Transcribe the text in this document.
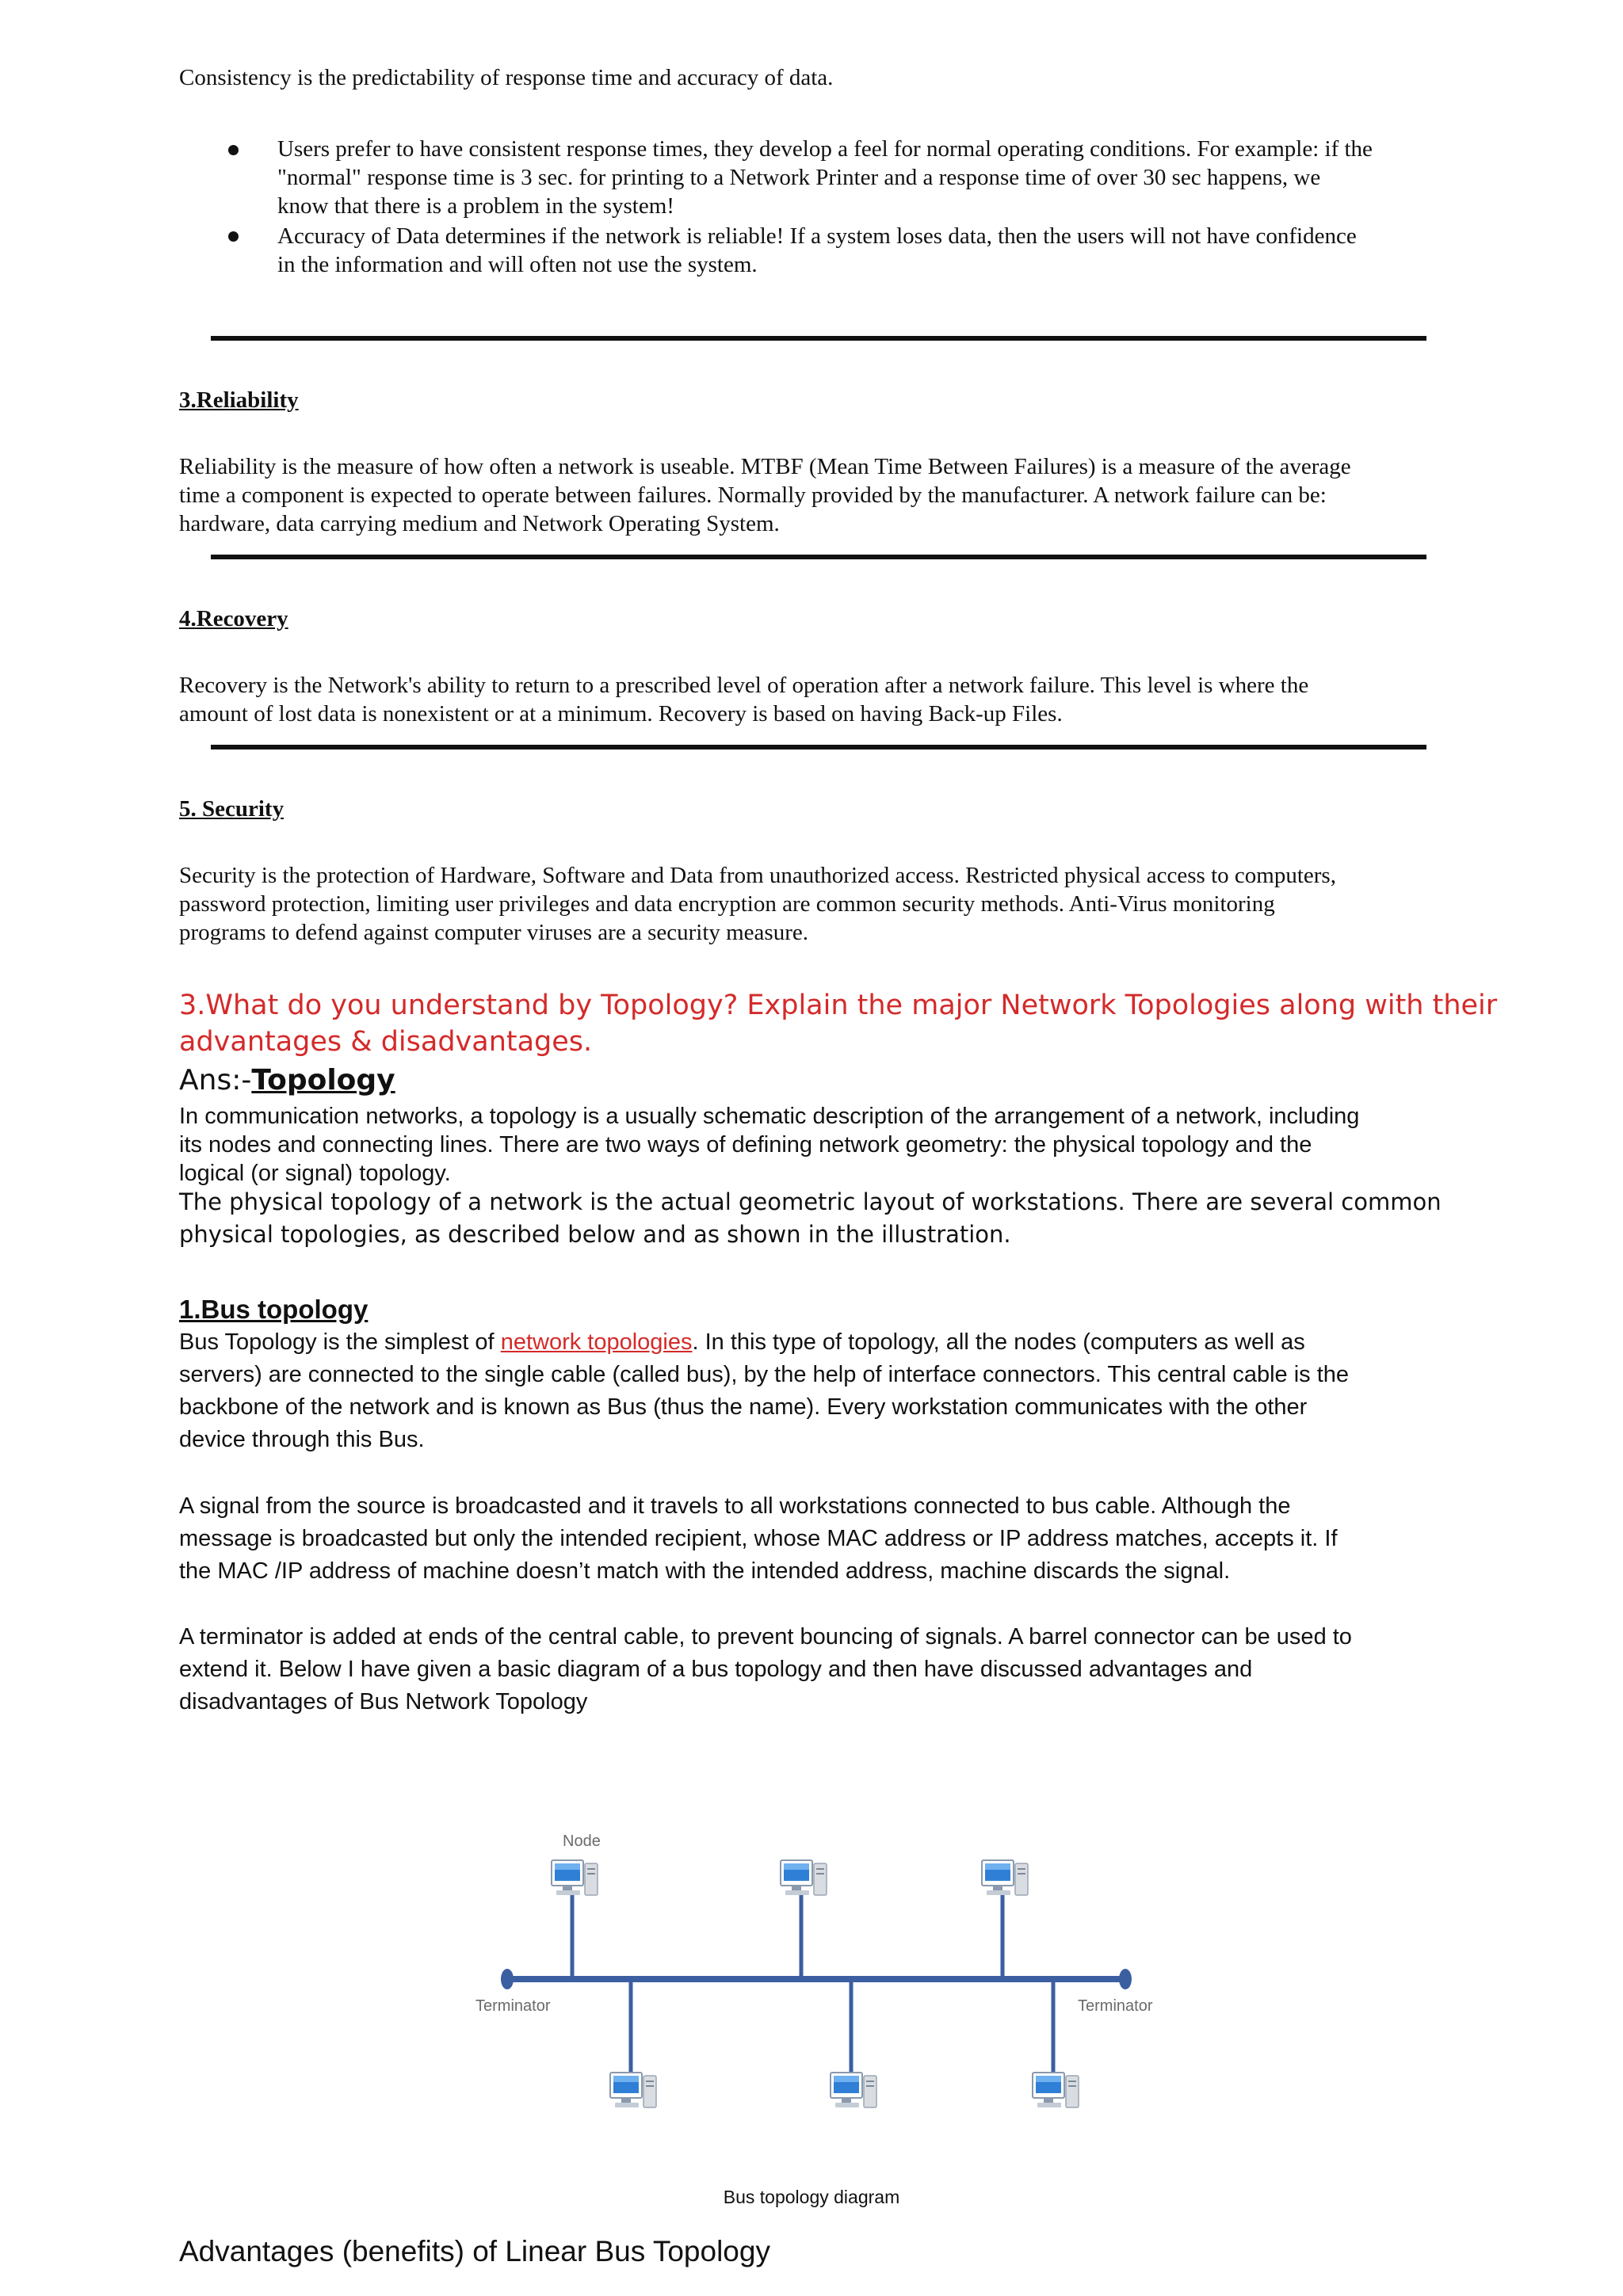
Consistency is the predictability of response time and accuracy of data.
Users prefer to have consistent response times, they develop a feel for normal operating conditions. For example: if the
"normal" response time is 3 sec. for printing to a Network Printer and a response time of over 30 sec happens, we
know that there is a problem in the system!
Accuracy of Data determines if the network is reliable! If a system loses data, then the users will not have confidence
in the information and will often not use the system.
3.Reliability
Reliability is the measure of how often a network is useable. MTBF (Mean Time Between Failures) is a measure of the average
time a component is expected to operate between failures. Normally provided by the manufacturer. A network failure can be:
hardware, data carrying medium and Network Operating System.
4.Recovery
Recovery is the Network's ability to return to a prescribed level of operation after a network failure. This level is where the
amount of lost data is nonexistent or at a minimum. Recovery is based on having Back-up Files.
5. Security
Security is the protection of Hardware, Software and Data from unauthorized access. Restricted physical access to computers,
password protection, limiting user privileges and data encryption are common security methods. Anti-Virus monitoring
programs to defend against computer viruses are a security measure.
3.What do you understand by Topology? Explain the major Network Topologies along with their
advantages & disadvantages.
Ans:-Topology
In communication networks, a topology is a usually schematic description of the arrangement of a network, including
its nodes and connecting lines. There are two ways of defining network geometry: the physical topology and the
logical (or signal) topology.
The physical topology of a network is the actual geometric layout of workstations. There are several common
physical topologies, as described below and as shown in the illustration.
1.Bus topology
Bus Topology is the simplest of network topologies. In this type of topology, all the nodes (computers as well as
servers) are connected to the single cable (called bus), by the help of interface connectors. This central cable is the
backbone of the network and is known as Bus (thus the name). Every workstation communicates with the other
device through this Bus.
A signal from the source is broadcasted and it travels to all workstations connected to bus cable. Although the
message is broadcasted but only the intended recipient, whose MAC address or IP address matches, accepts it. If
the MAC /IP address of machine doesn’t match with the intended address, machine discards the signal.
A terminator is added at ends of the central cable, to prevent bouncing of signals. A barrel connector can be used to
extend it. Below I have given a basic diagram of a bus topology and then have discussed advantages and
disadvantages of Bus Network Topology
Node
Terminator	Terminator
Bus topology diagram
Advantages (benefits) of Linear Bus Topology
